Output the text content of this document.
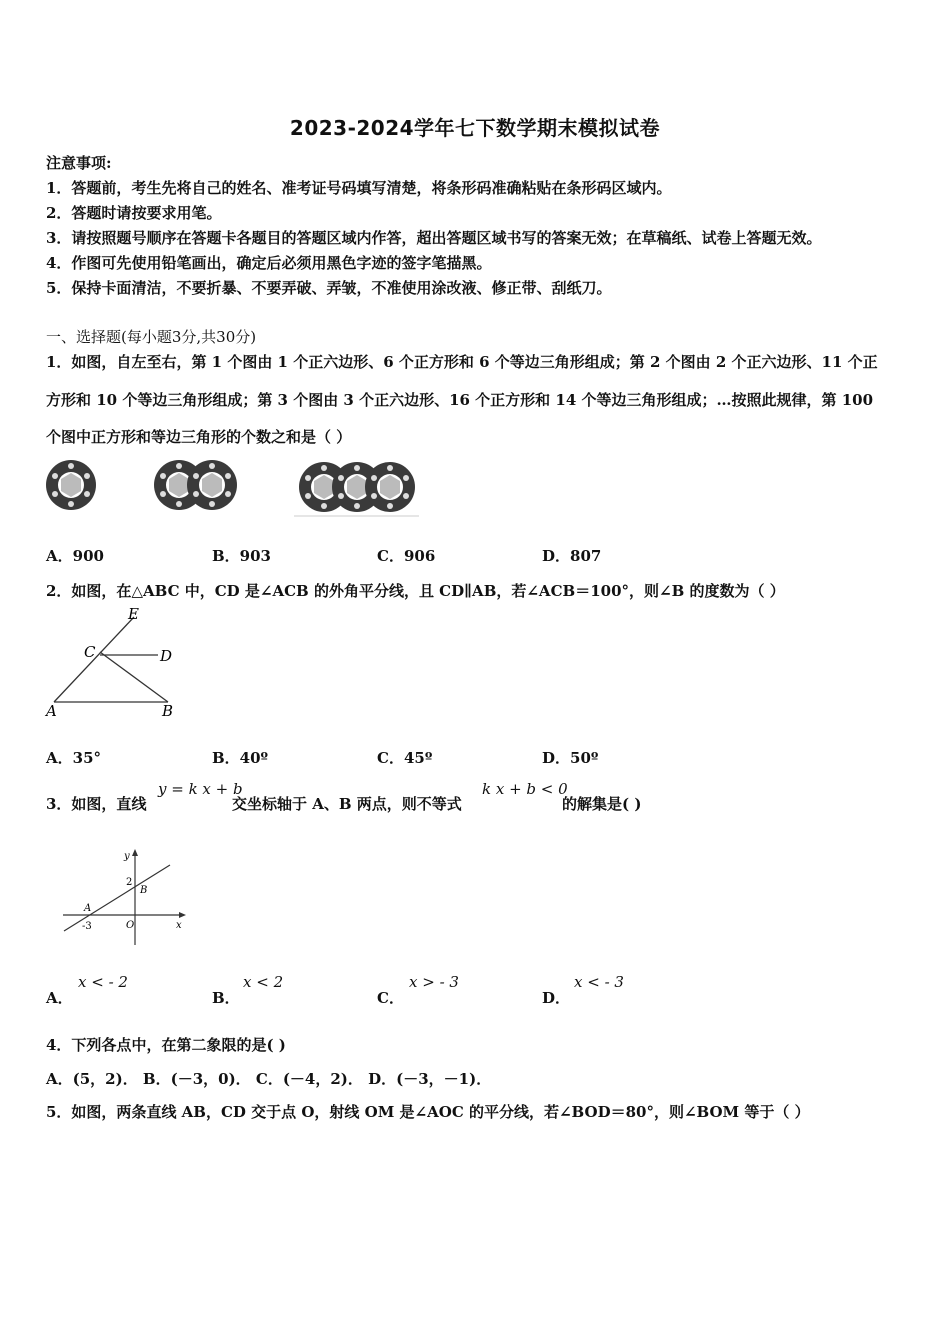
2023-2024学年七下数学期末模拟试卷
注意事项:
1．答题前，考生先将自己的姓名、准考证号码填写清楚，将条形码准确粘贴在条形码区域内。
2．答题时请按要求用笔。
3．请按照题号顺序在答题卡各题目的答题区域内作答，超出答题区域书写的答案无效；在草稿纸、试卷上答题无效。
4．作图可先使用铅笔画出，确定后必须用黑色字迹的签字笔描黑。
5．保持卡面清洁，不要折暴、不要弄破、弄皱，不准使用涂改液、修正带、刮纸刀。
一、选择题(每小题3分,共30分)
1．如图，自左至右，第 1 个图由 1 个正六边形、6 个正方形和 6 个等边三角形组成；第 2 个图由 2 个正六边形、11 个正
方形和 10 个等边三角形组成；第 3 个图由 3 个正六边形、16 个正方形和 14 个等边三角形组成；…按照此规律，第 100
个图中正方形和等边三角形的个数之和是（ ）
A．900	B．903	C．906	D．807
2．如图，在△ABC 中，CD 是∠ACB 的外角平分线，且 CD∥AB，若∠ACB＝100°，则∠B 的度数为（ ）
E
C	D
A	B
A．35°	B．40º	C．45º	D．50º
3．如图，直线
y = k x + b
交坐标轴于 A、B 两点，则不等式
k x + b < 0
的解集是( )
y
x
O
A
B
2
-3
A．
x < - 2
B．
x < 2
C．
x > - 3
D．
x < - 3
4．下列各点中，在第二象限的是( )
A．(5，2)． B．(－3，0)． C．(－4，2)． D．(－3，－1)．
5．如图，两条直线 AB，CD 交于点 O，射线 OM 是∠AOC 的平分线，若∠BOD＝80°，则∠BOM 等于（ ）
